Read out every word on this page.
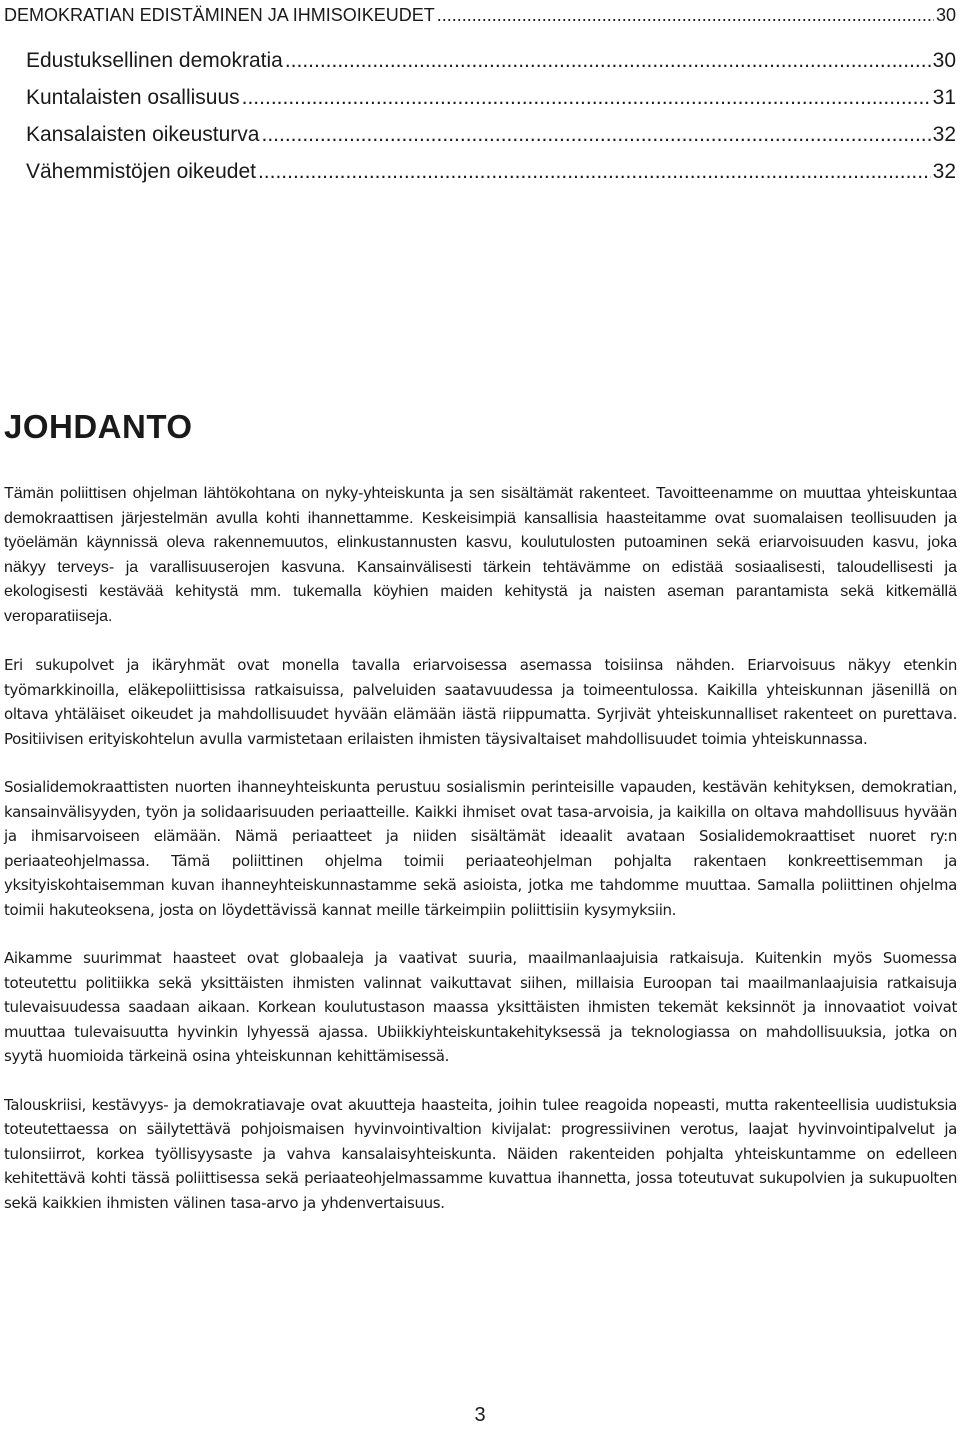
DEMOKRATIAN EDISTÄMINEN JA IHMISOIKEUDET .....	30
Edustuksellinen demokratia .....	30
Kuntalaisten osallisuus .....	31
Kansalaisten oikeusturva .....	32
Vähemmistöjen oikeudet .....	32
JOHDANTO

Tämän poliittisen ohjelman lähtökohtana on nyky-yhteiskunta ja sen sisältämät rakenteet. Tavoitteenamme on muuttaa yhteiskuntaa demokraattisen järjestelmän avulla kohti ihannettamme. Keskeisimpiä kansallisia haasteitamme ovat suomalaisen teollisuuden ja työelämän käynnissä oleva rakennemuutos, elinkustannusten kasvu, koulutulosten putoaminen sekä eriarvoisuuden kasvu, joka näkyy terveys- ja varallisuuserojen kasvuna. Kansainvälisesti tärkein tehtävämme on edistää sosiaalisesti, taloudellisesti ja ekologisesti kestävää kehitystä mm. tukemalla köyhien maiden kehitystä ja naisten aseman parantamista sekä kitkemällä veroparatiiseja.

Eri sukupolvet ja ikäryhmät ovat monella tavalla eriarvoisessa asemassa toisiinsa nähden. Eriarvoisuus näkyy etenkin työmarkkinoilla, eläkepoliittisissa ratkaisuissa, palveluiden saatavuudessa ja toimeentulossa. Kaikilla yhteiskunnan jäsenillä on oltava yhtäläiset oikeudet ja mahdollisuudet hyvään elämään iästä riippumatta. Syrjivät yhteiskunnalliset rakenteet on purettava. Positiivisen erityiskohtelun avulla varmistetaan erilaisten ihmisten täysivaltaiset mahdollisuudet toimia yhteiskunnassa.

Sosialidemokraattisten nuorten ihanneyhteiskunta perustuu sosialismin perinteisille vapauden, kestävän kehityksen, demokratian, kansainvälisyyden, työn ja solidaarisuuden periaatteille. Kaikki ihmiset ovat tasa-arvoisia, ja kaikilla on oltava mahdollisuus hyvään ja ihmisarvoiseen elämään. Nämä periaatteet ja niiden sisältämät ideaalit avataan Sosialidemokraattiset nuoret ry:n periaateohjelmassa. Tämä poliittinen ohjelma toimii periaateohjelman pohjalta rakentaen konkreettisemman ja yksityiskohtaisemman kuvan ihanneyhteiskunnastamme sekä asioista, jotka me tahdomme muuttaa. Samalla poliittinen ohjelma toimii hakuteoksena, josta on löydettävissä kannat meille tärkeimpiin poliittisiin kysymyksiin.

Aikamme suurimmat haasteet ovat globaaleja ja vaativat suuria, maailmanlaajuisia ratkaisuja. Kuitenkin myös Suomessa toteutettu politiikka sekä yksittäisten ihmisten valinnat vaikuttavat siihen, millaisia Euroopan tai maailmanlaajuisia ratkaisuja tulevaisuudessa saadaan aikaan. Korkean koulutustason maassa yksittäisten ihmisten tekemät keksinnöt ja innovaatiot voivat muuttaa tulevaisuutta hyvinkin lyhyessä ajassa. Ubiikkiyhteiskuntakehityksessä ja teknologiassa on mahdollisuuksia, jotka on syytä huomioida tärkeinä osina yhteiskunnan kehittämisessä.

Talouskriisi, kestävyys- ja demokratiavaje ovat akuutteja haasteita, joihin tulee reagoida nopeasti, mutta rakenteellisia uudistuksia toteutettaessa on säilytettävä pohjoismaisen hyvinvointivaltion kivijalat: progressiivinen verotus, laajat hyvinvointipalvelut ja tulonsiirrot, korkea työllisyysaste ja vahva kansalaisyhteiskunta. Näiden rakenteiden pohjalta yhteiskuntamme on edelleen kehitettävä kohti tässä poliittisessa sekä periaateohjelmassamme kuvattua ihannetta, jossa toteutuvat sukupolvien ja sukupuolten sekä kaikkien ihmisten välinen tasa-arvo ja yhdenvertaisuus.

3
